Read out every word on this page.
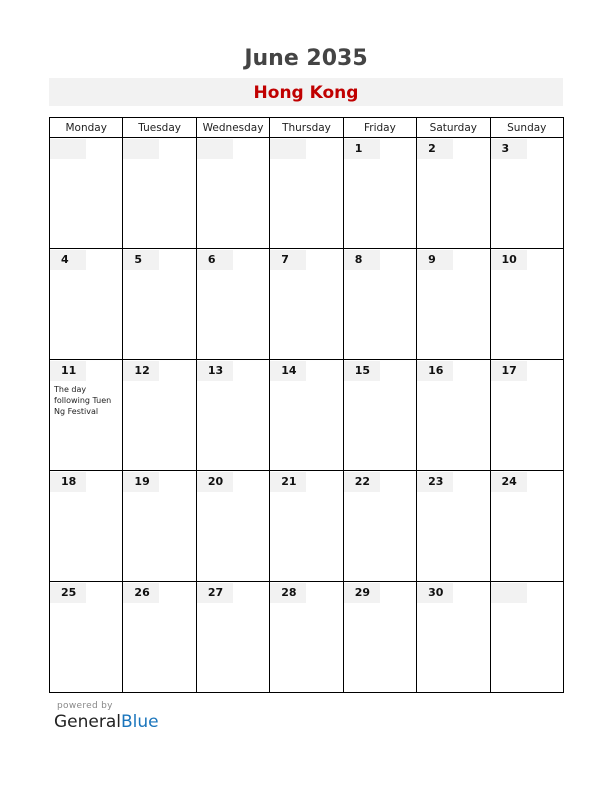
June 2035
Hong Kong
Monday	Tuesday	Wednesday	Thursday	Friday	Saturday	Sunday

				1	2	3

4	5	6	7	8	9	10

11
The day following Tuen Ng Festival	12	13	14	15	16	17

18	19	20	21	22	23	24

25	26	27	28	29	30	

powered by
GeneralBlue
